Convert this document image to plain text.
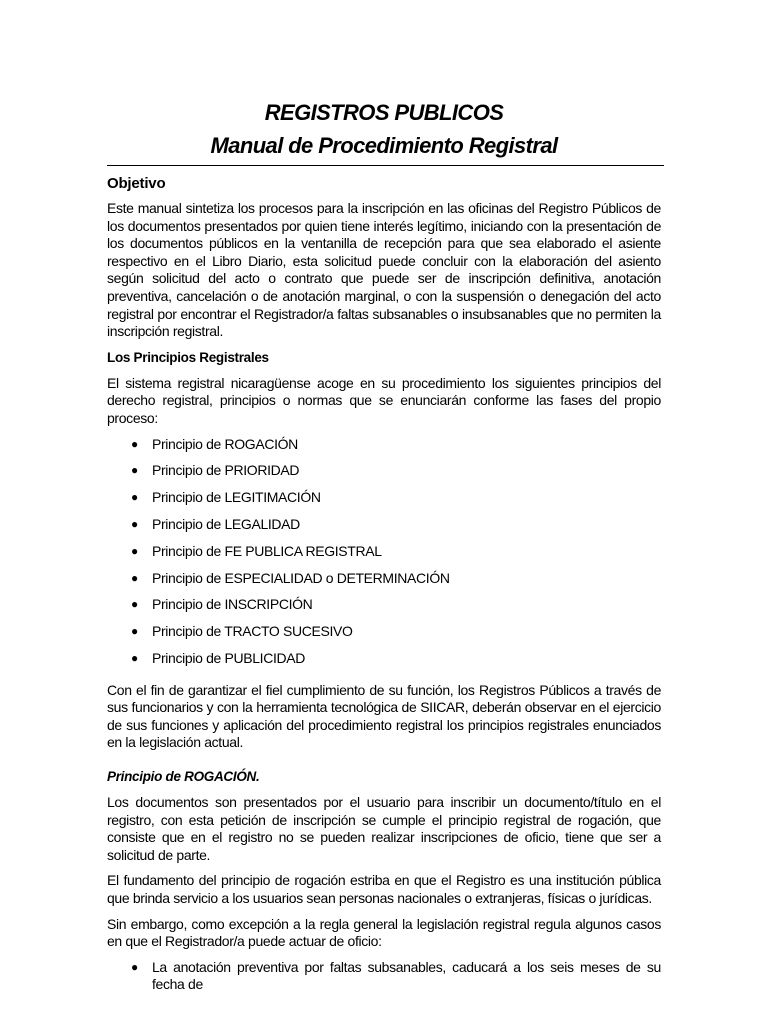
REGISTROS PUBLICOS
Manual de Procedimiento Registral
Objetivo

Este manual sintetiza los procesos para la inscripción en las oficinas del Registro Públicos de los documentos presentados por quien tiene interés legítimo, iniciando con la presentación de los documentos públicos en la ventanilla de recepción para que sea elaborado el asiente respectivo en el Libro Diario, esta solicitud puede concluir con la elaboración del asiento según solicitud del acto o contrato que puede ser de inscripción definitiva, anotación preventiva, cancelación o de anotación marginal, o con la suspensión o denegación del acto registral por encontrar el Registrador/a faltas subsanables o insubsanables que no permiten la inscripción registral.

Los Principios Registrales

El sistema registral nicaragüense acoge en su procedimiento los siguientes principios del derecho registral, principios o normas que se enunciarán conforme las fases del propio proceso:

● Principio de ROGACIÓN
● Principio de PRIORIDAD
● Principio de LEGITIMACIÓN
● Principio de LEGALIDAD
● Principio de FE PUBLICA REGISTRAL
● Principio de ESPECIALIDAD o DETERMINACIÓN
● Principio de INSCRIPCIÓN
● Principio de TRACTO SUCESIVO
● Principio de PUBLICIDAD

Con el fin de garantizar el fiel cumplimiento de su función, los Registros Públicos a través de sus funcionarios y con la herramienta tecnológica de SIICAR, deberán observar en el ejercicio de sus funciones y aplicación del procedimiento registral los principios registrales enunciados en la legislación actual.

Principio de ROGACIÓN.

Los documentos son presentados por el usuario para inscribir un documento/título en el registro, con esta petición de inscripción se cumple el principio registral de rogación, que consiste que en el registro no se pueden realizar inscripciones de oficio, tiene que ser a solicitud de parte.

El fundamento del principio de rogación estriba en que el Registro es una institución pública que brinda servicio a los usuarios sean personas nacionales o extranjeras, físicas o jurídicas.

Sin embargo, como excepción a la regla general la legislación registral regula algunos casos en que el Registrador/a puede actuar de oficio:

● La anotación preventiva por faltas subsanables, caducará a los seis meses de su fecha de
